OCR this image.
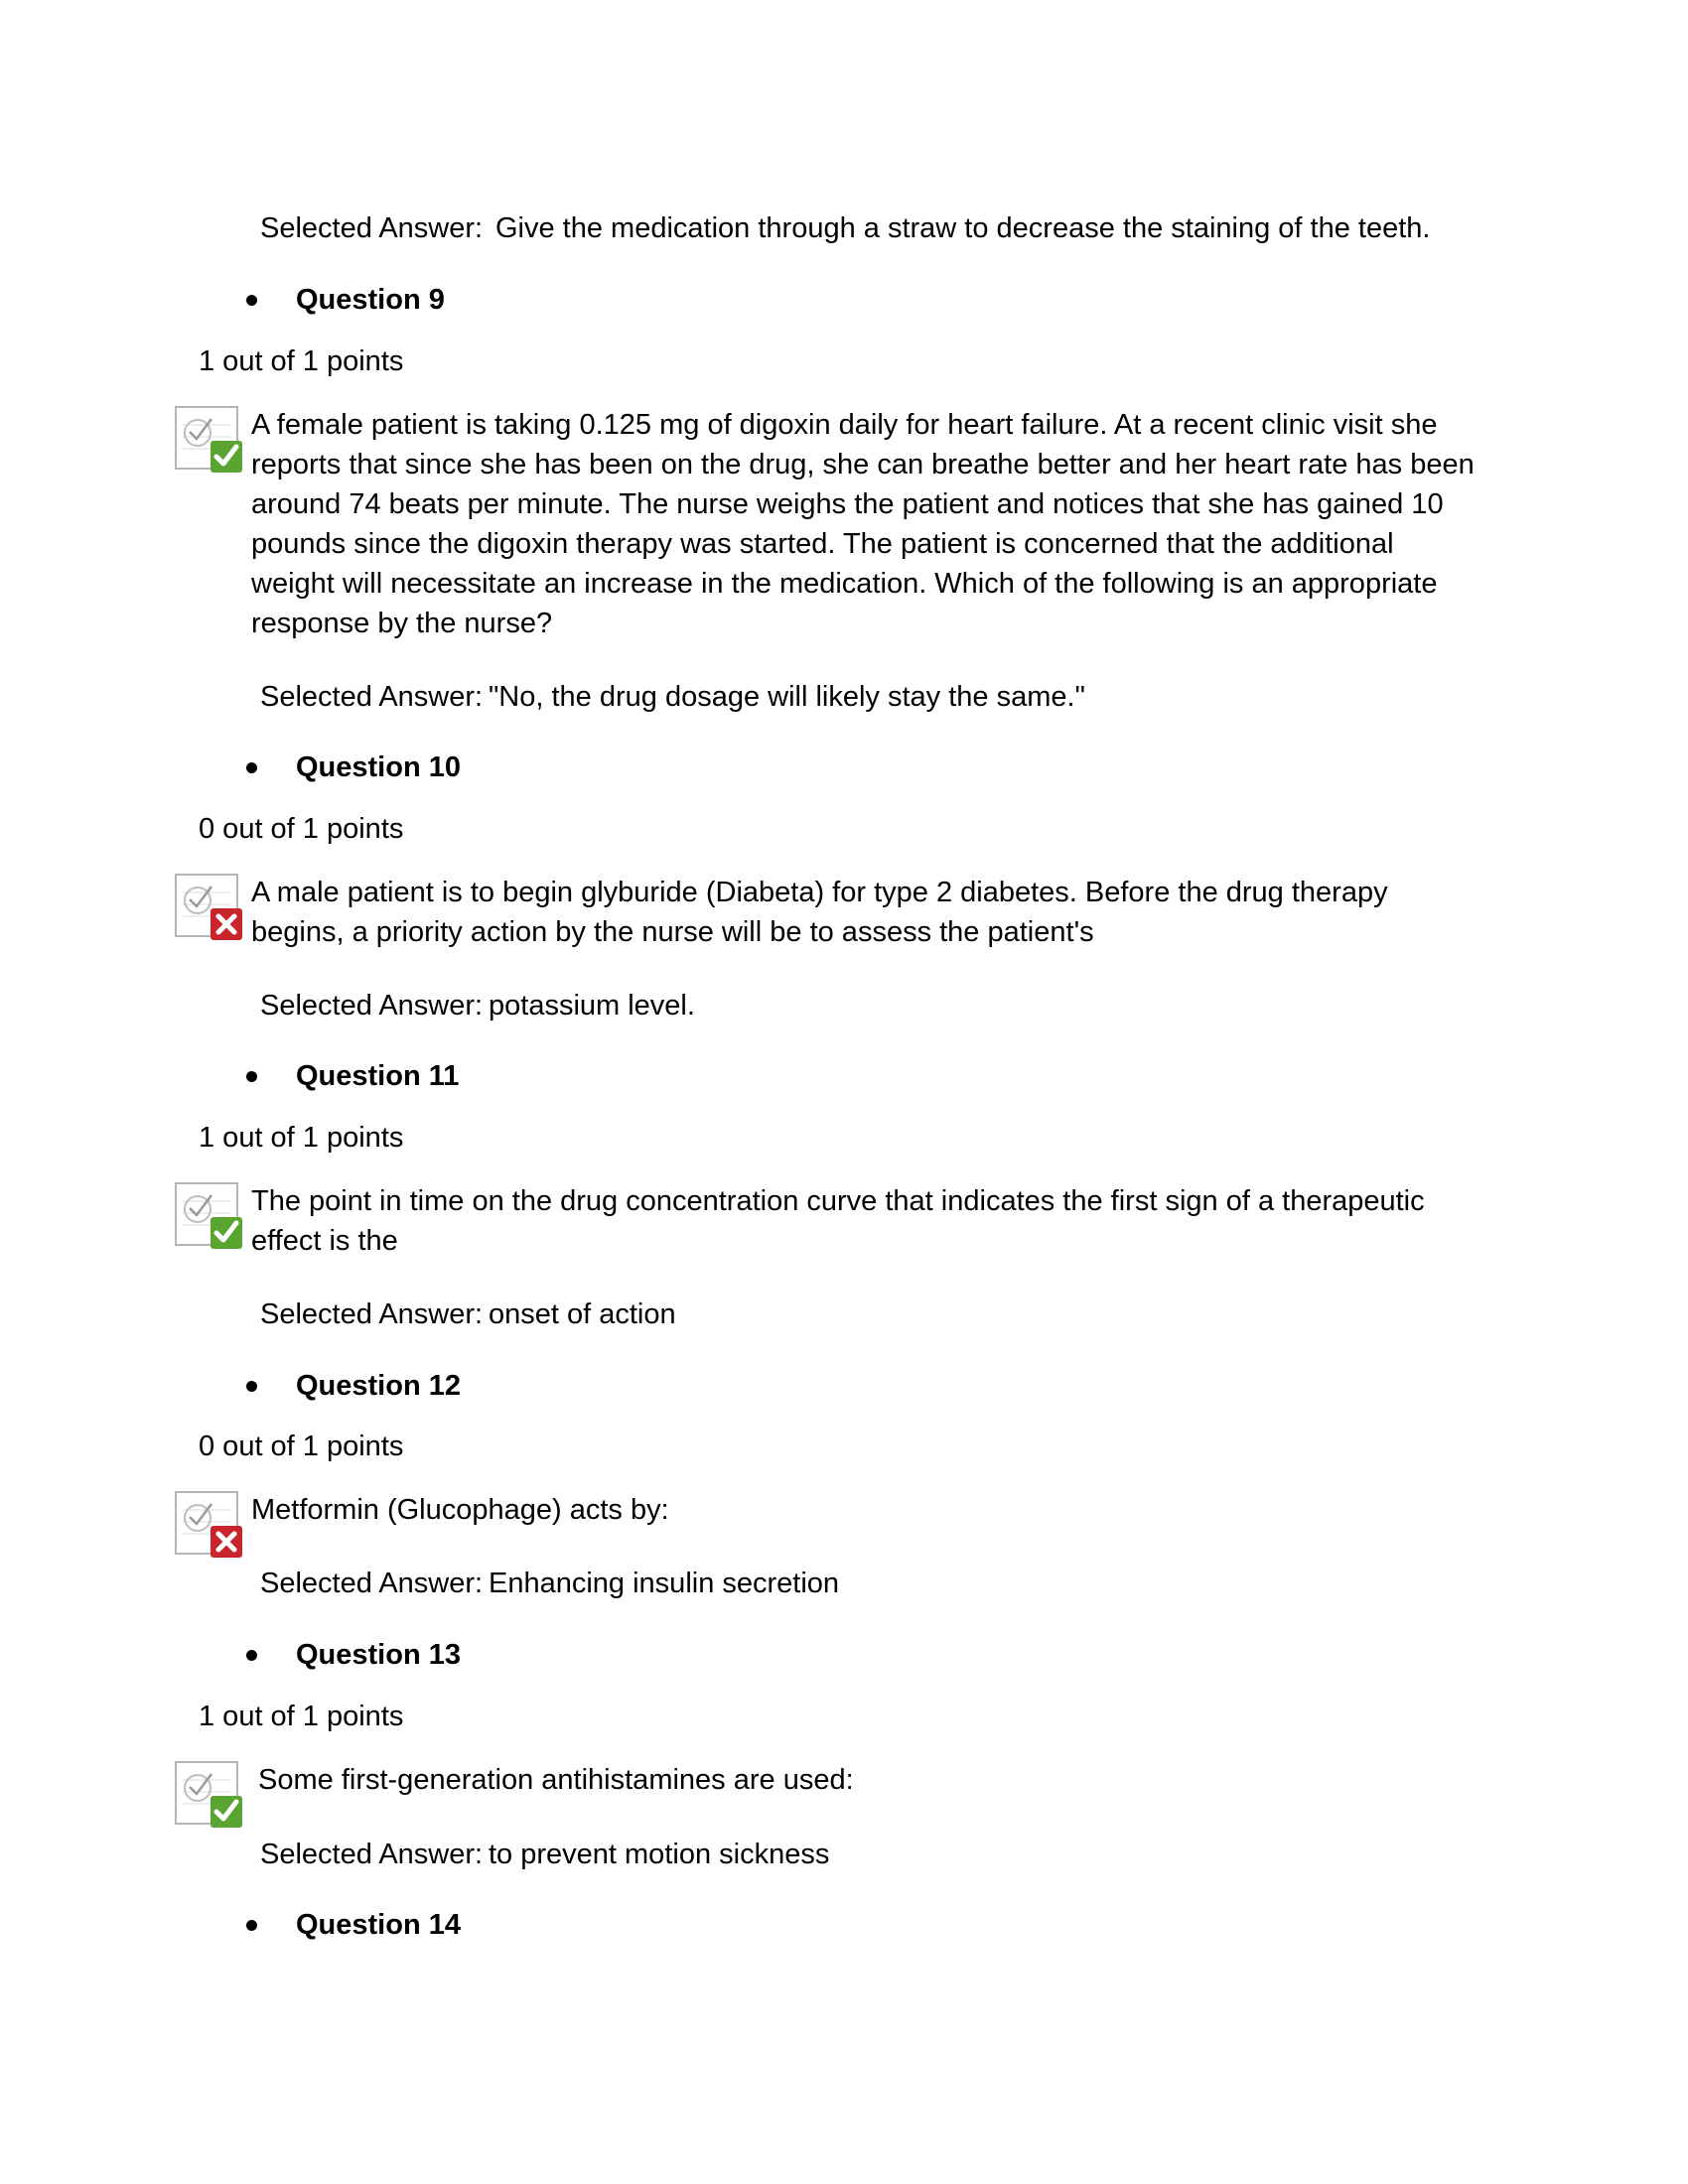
Selected Answer: Give the medication through a straw to decrease the staining of the teeth.
Question 9
1 out of 1 points
A female patient is taking 0.125 mg of digoxin daily for heart failure. At a recent clinic visit she
reports that since she has been on the drug, she can breathe better and her heart rate has been
around 74 beats per minute. The nurse weighs the patient and notices that she has gained 10
pounds since the digoxin therapy was started. The patient is concerned that the additional
weight will necessitate an increase in the medication. Which of the following is an appropriate
response by the nurse?
Selected Answer: "No, the drug dosage will likely stay the same."
Question 10
0 out of 1 points
A male patient is to begin glyburide (Diabeta) for type 2 diabetes. Before the drug therapy
begins, a priority action by the nurse will be to assess the patient's
Selected Answer: potassium level.
Question 11
1 out of 1 points
The point in time on the drug concentration curve that indicates the first sign of a therapeutic
effect is the
Selected Answer: onset of action
Question 12
0 out of 1 points
Metformin (Glucophage) acts by:
Selected Answer: Enhancing insulin secretion
Question 13
1 out of 1 points
Some first-generation antihistamines are used:
Selected Answer: to prevent motion sickness
Question 14
